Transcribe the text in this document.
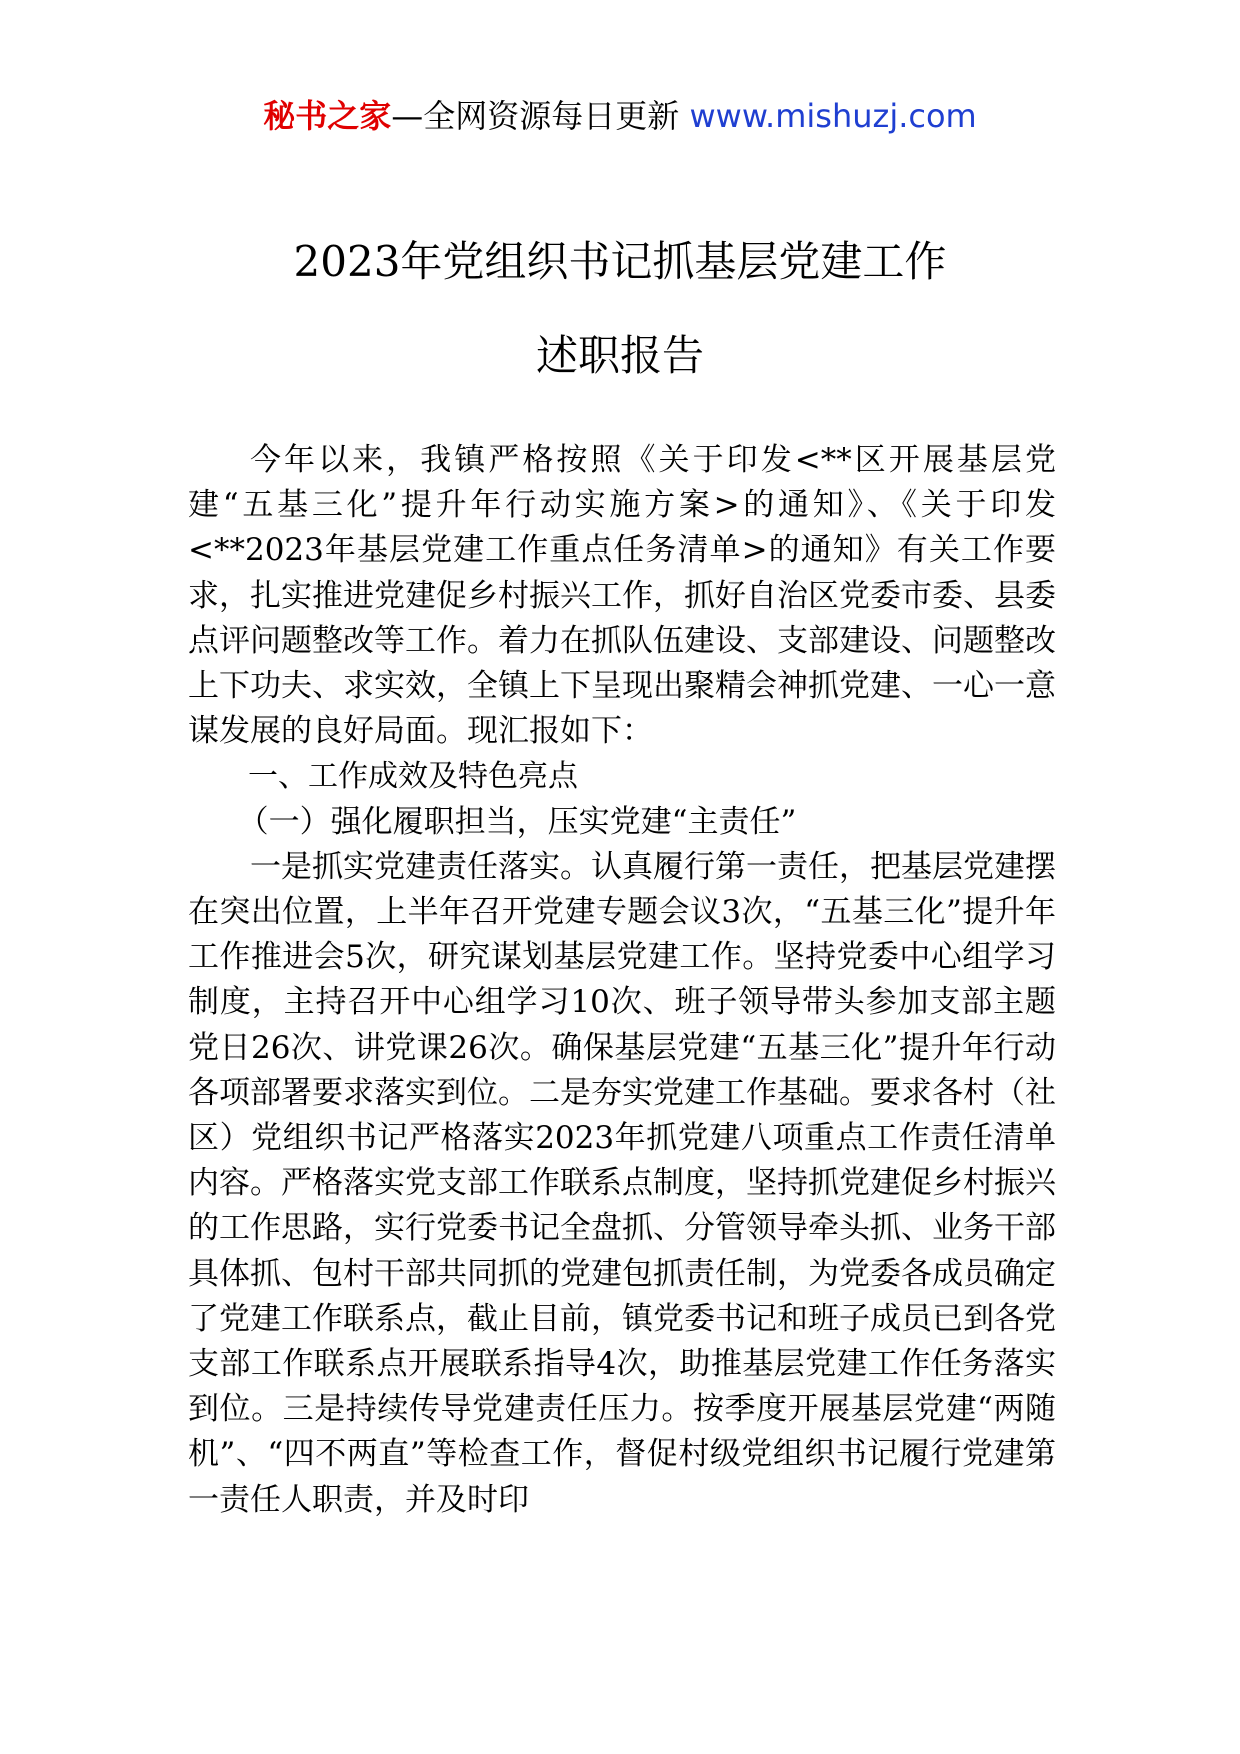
秘书之家—全网资源每日更新 www.mishuzj.com
2023年党组织书记抓基层党建工作
述职报告

今年以来，我镇严格按照《关于印发<**区开展基层党建“五基三化”提升年行动实施方案>的通知》、《关于印发<**2023年基层党建工作重点任务清单>的通知》有关工作要求，扎实推进党建促乡村振兴工作，抓好自治区党委市委、县委点评问题整改等工作。着力在抓队伍建设、支部建设、问题整改上下功夫、求实效，全镇上下呈现出聚精会神抓党建、一心一意谋发展的良好局面。现汇报如下：

一、工作成效及特色亮点

（一）强化履职担当，压实党建“主责任”

一是抓实党建责任落实。认真履行第一责任，把基层党建摆在突出位置，上半年召开党建专题会议3次，“五基三化”提升年工作推进会5次，研究谋划基层党建工作。坚持党委中心组学习制度，主持召开中心组学习10次、班子领导带头参加支部主题党日26次、讲党课26次。确保基层党建“五基三化”提升年行动各项部署要求落实到位。二是夯实党建工作基础。要求各村（社区）党组织书记严格落实2023年抓党建八项重点工作责任清单内容。严格落实党支部工作联系点制度，坚持抓党建促乡村振兴的工作思路，实行党委书记全盘抓、分管领导牵头抓、业务干部具体抓、包村干部共同抓的党建包抓责任制，为党委各成员确定了党建工作联系点，截止目前，镇党委书记和班子成员已到各党支部工作联系点开展联系指导4次，助推基层党建工作任务落实到位。三是持续传导党建责任压力。按季度开展基层党建“两随机”、“四不两直”等检查工作，督促村级党组织书记履行党建第一责任人职责，并及时印
